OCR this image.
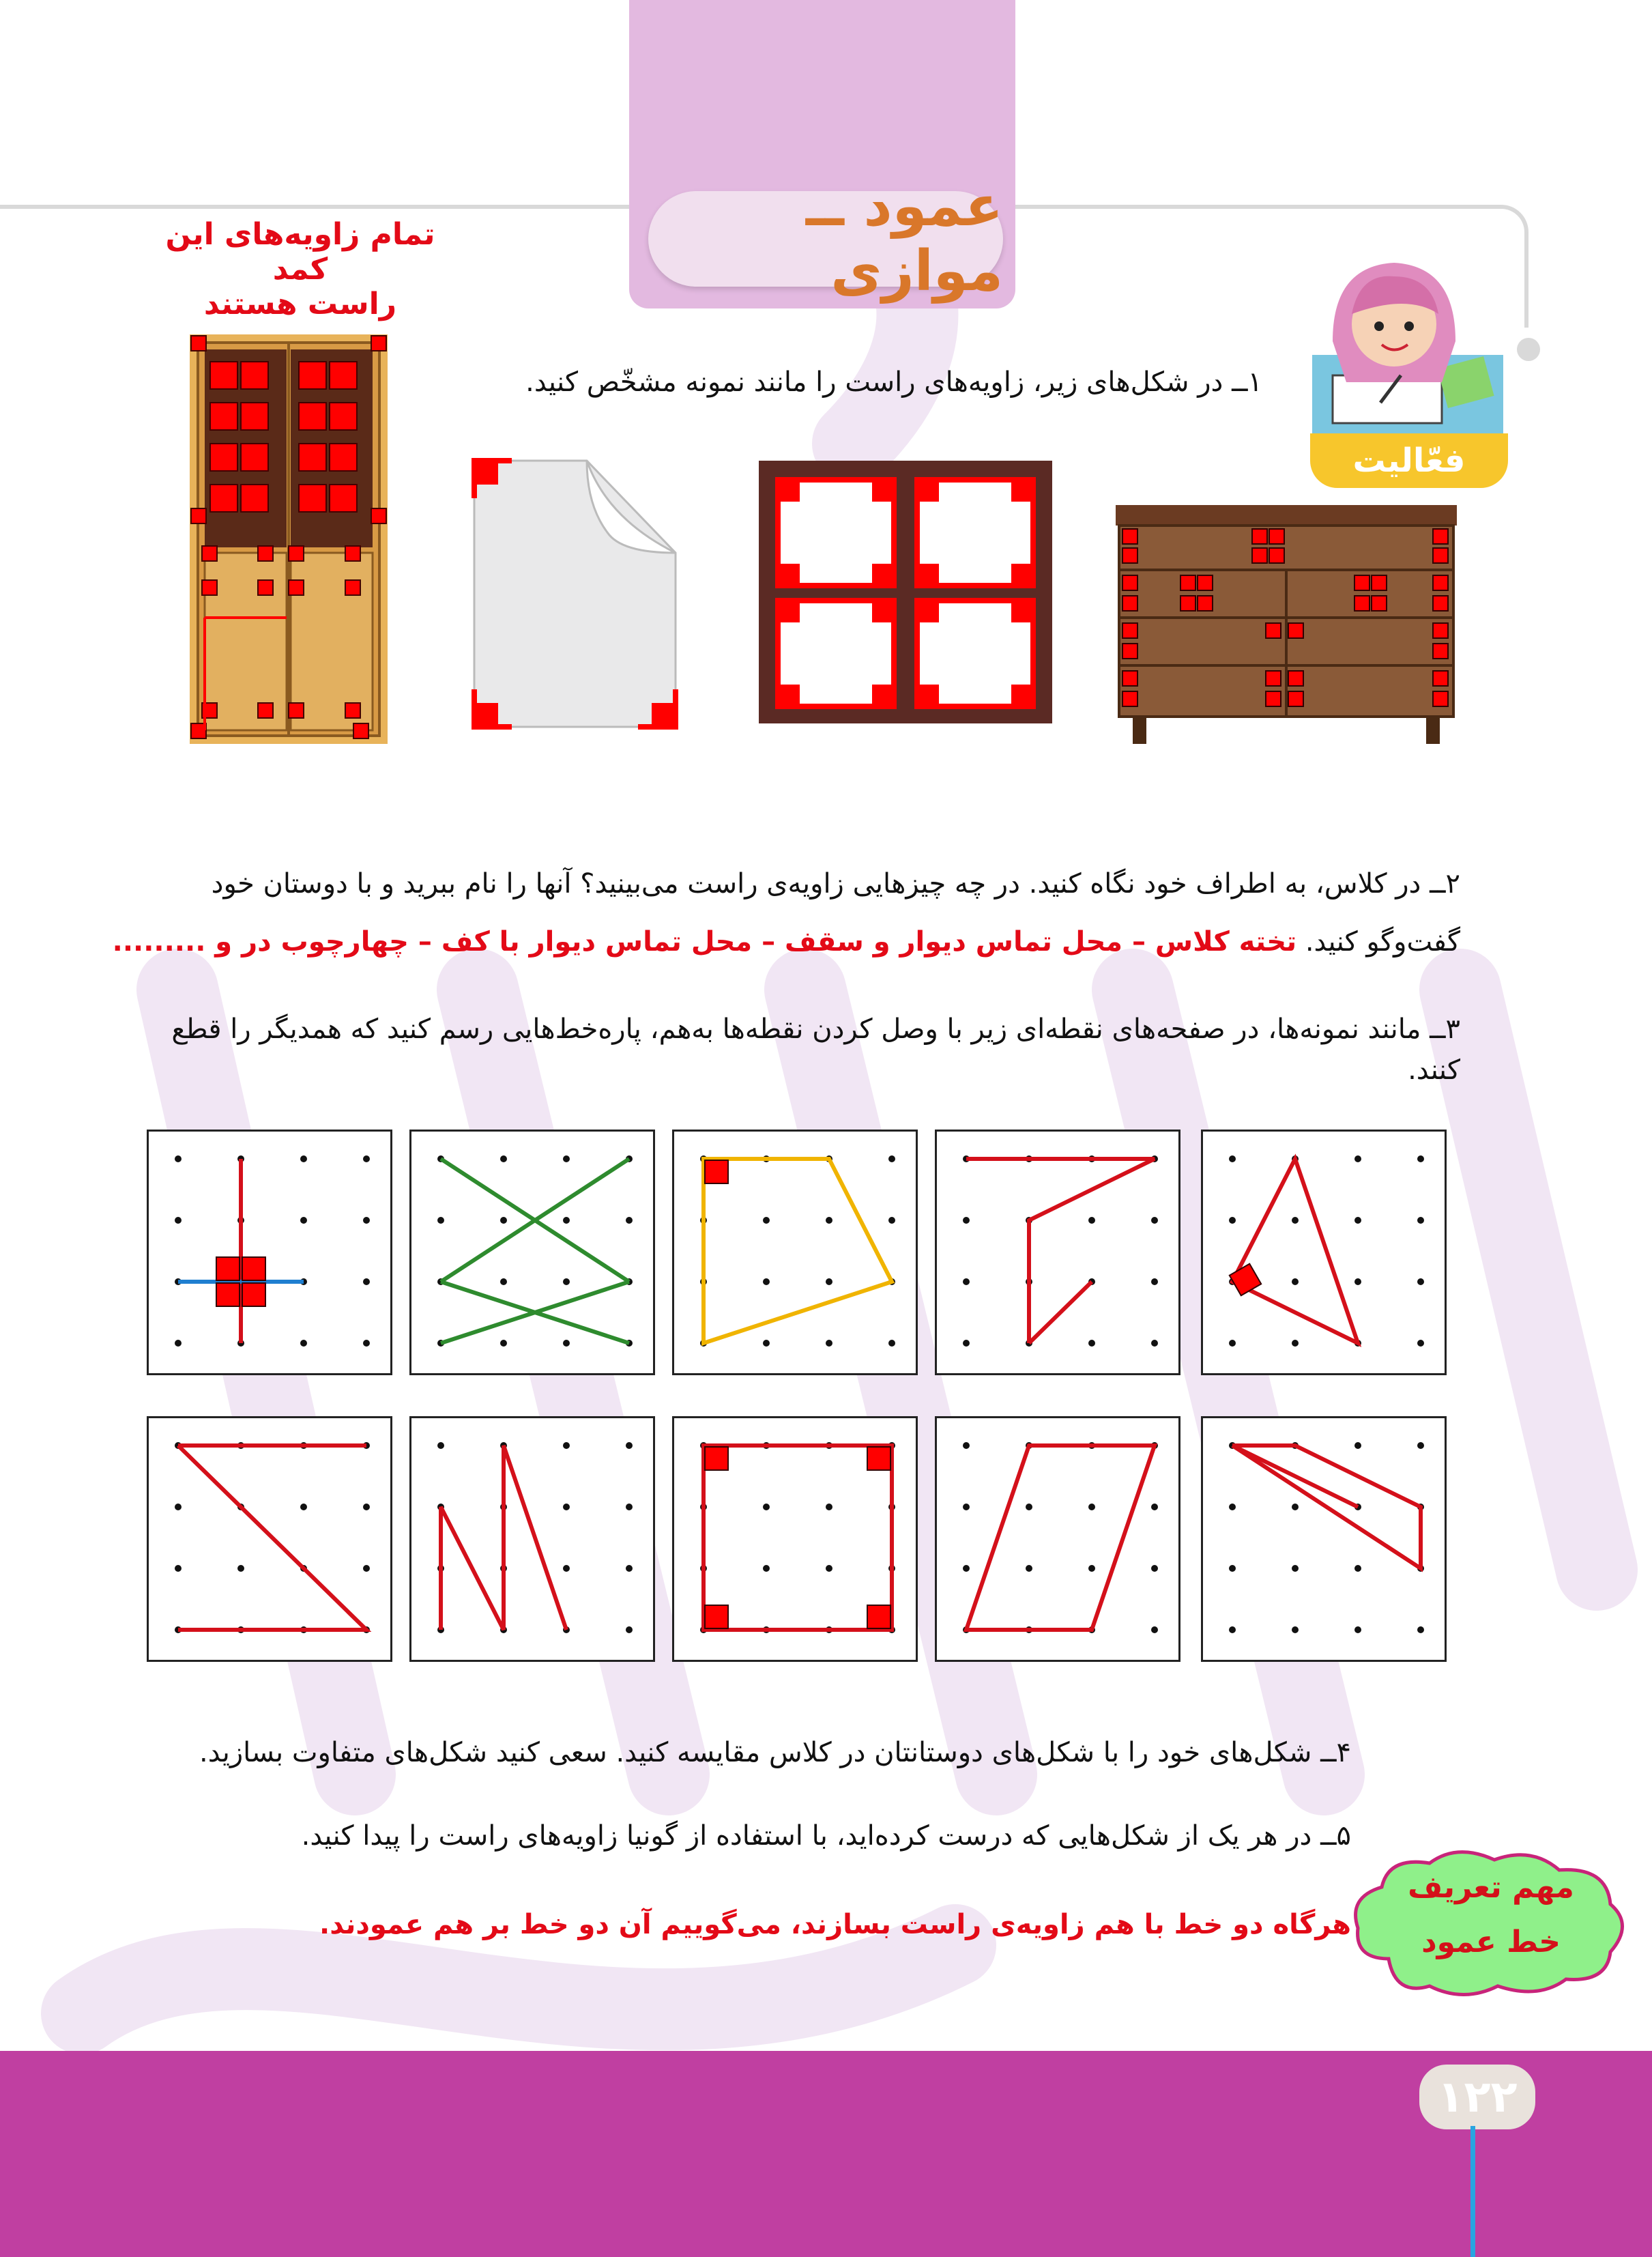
عمود ــ موازی
تمام زاویه‌های این کمد
راست هستند
فعّالیت
۱ــ در شکل‌های زیر، زاویه‌های راست را مانند نمونه مشخّص کنید.
۲ــ در کلاس، به اطراف خود نگاه کنید. در چه چیزهایی زاویه‌ی راست می‌بینید؟ آنها را نام ببرید و با دوستان خود
گفت‌وگو کنید. تخته کلاس – محل تماس دیوار و سقف – محل تماس دیوار با کف – چهارچوب در و .........
۳ــ مانند نمونه‌ها، در صفحه‌های نقطه‌ای زیر با وصل کردن نقطه‌ها به‌هم، پاره‌خط‌هایی رسم کنید که همدیگر را قطع کنند.
۴ــ شکل‌های خود را با شکل‌های دوستانتان در کلاس مقایسه کنید. سعی کنید شکل‌های متفاوت بسازید.
۵ــ در هر یک از شکل‌هایی که درست کرده‌اید، با استفاده از گونیا زاویه‌های راست را پیدا کنید.
هرگاه دو خط با هم زاویه‌ی راست بسازند، می‌گوییم آن دو خط بر هم عمودند.
مهم تعریف
خط عمود
۱۲۲
